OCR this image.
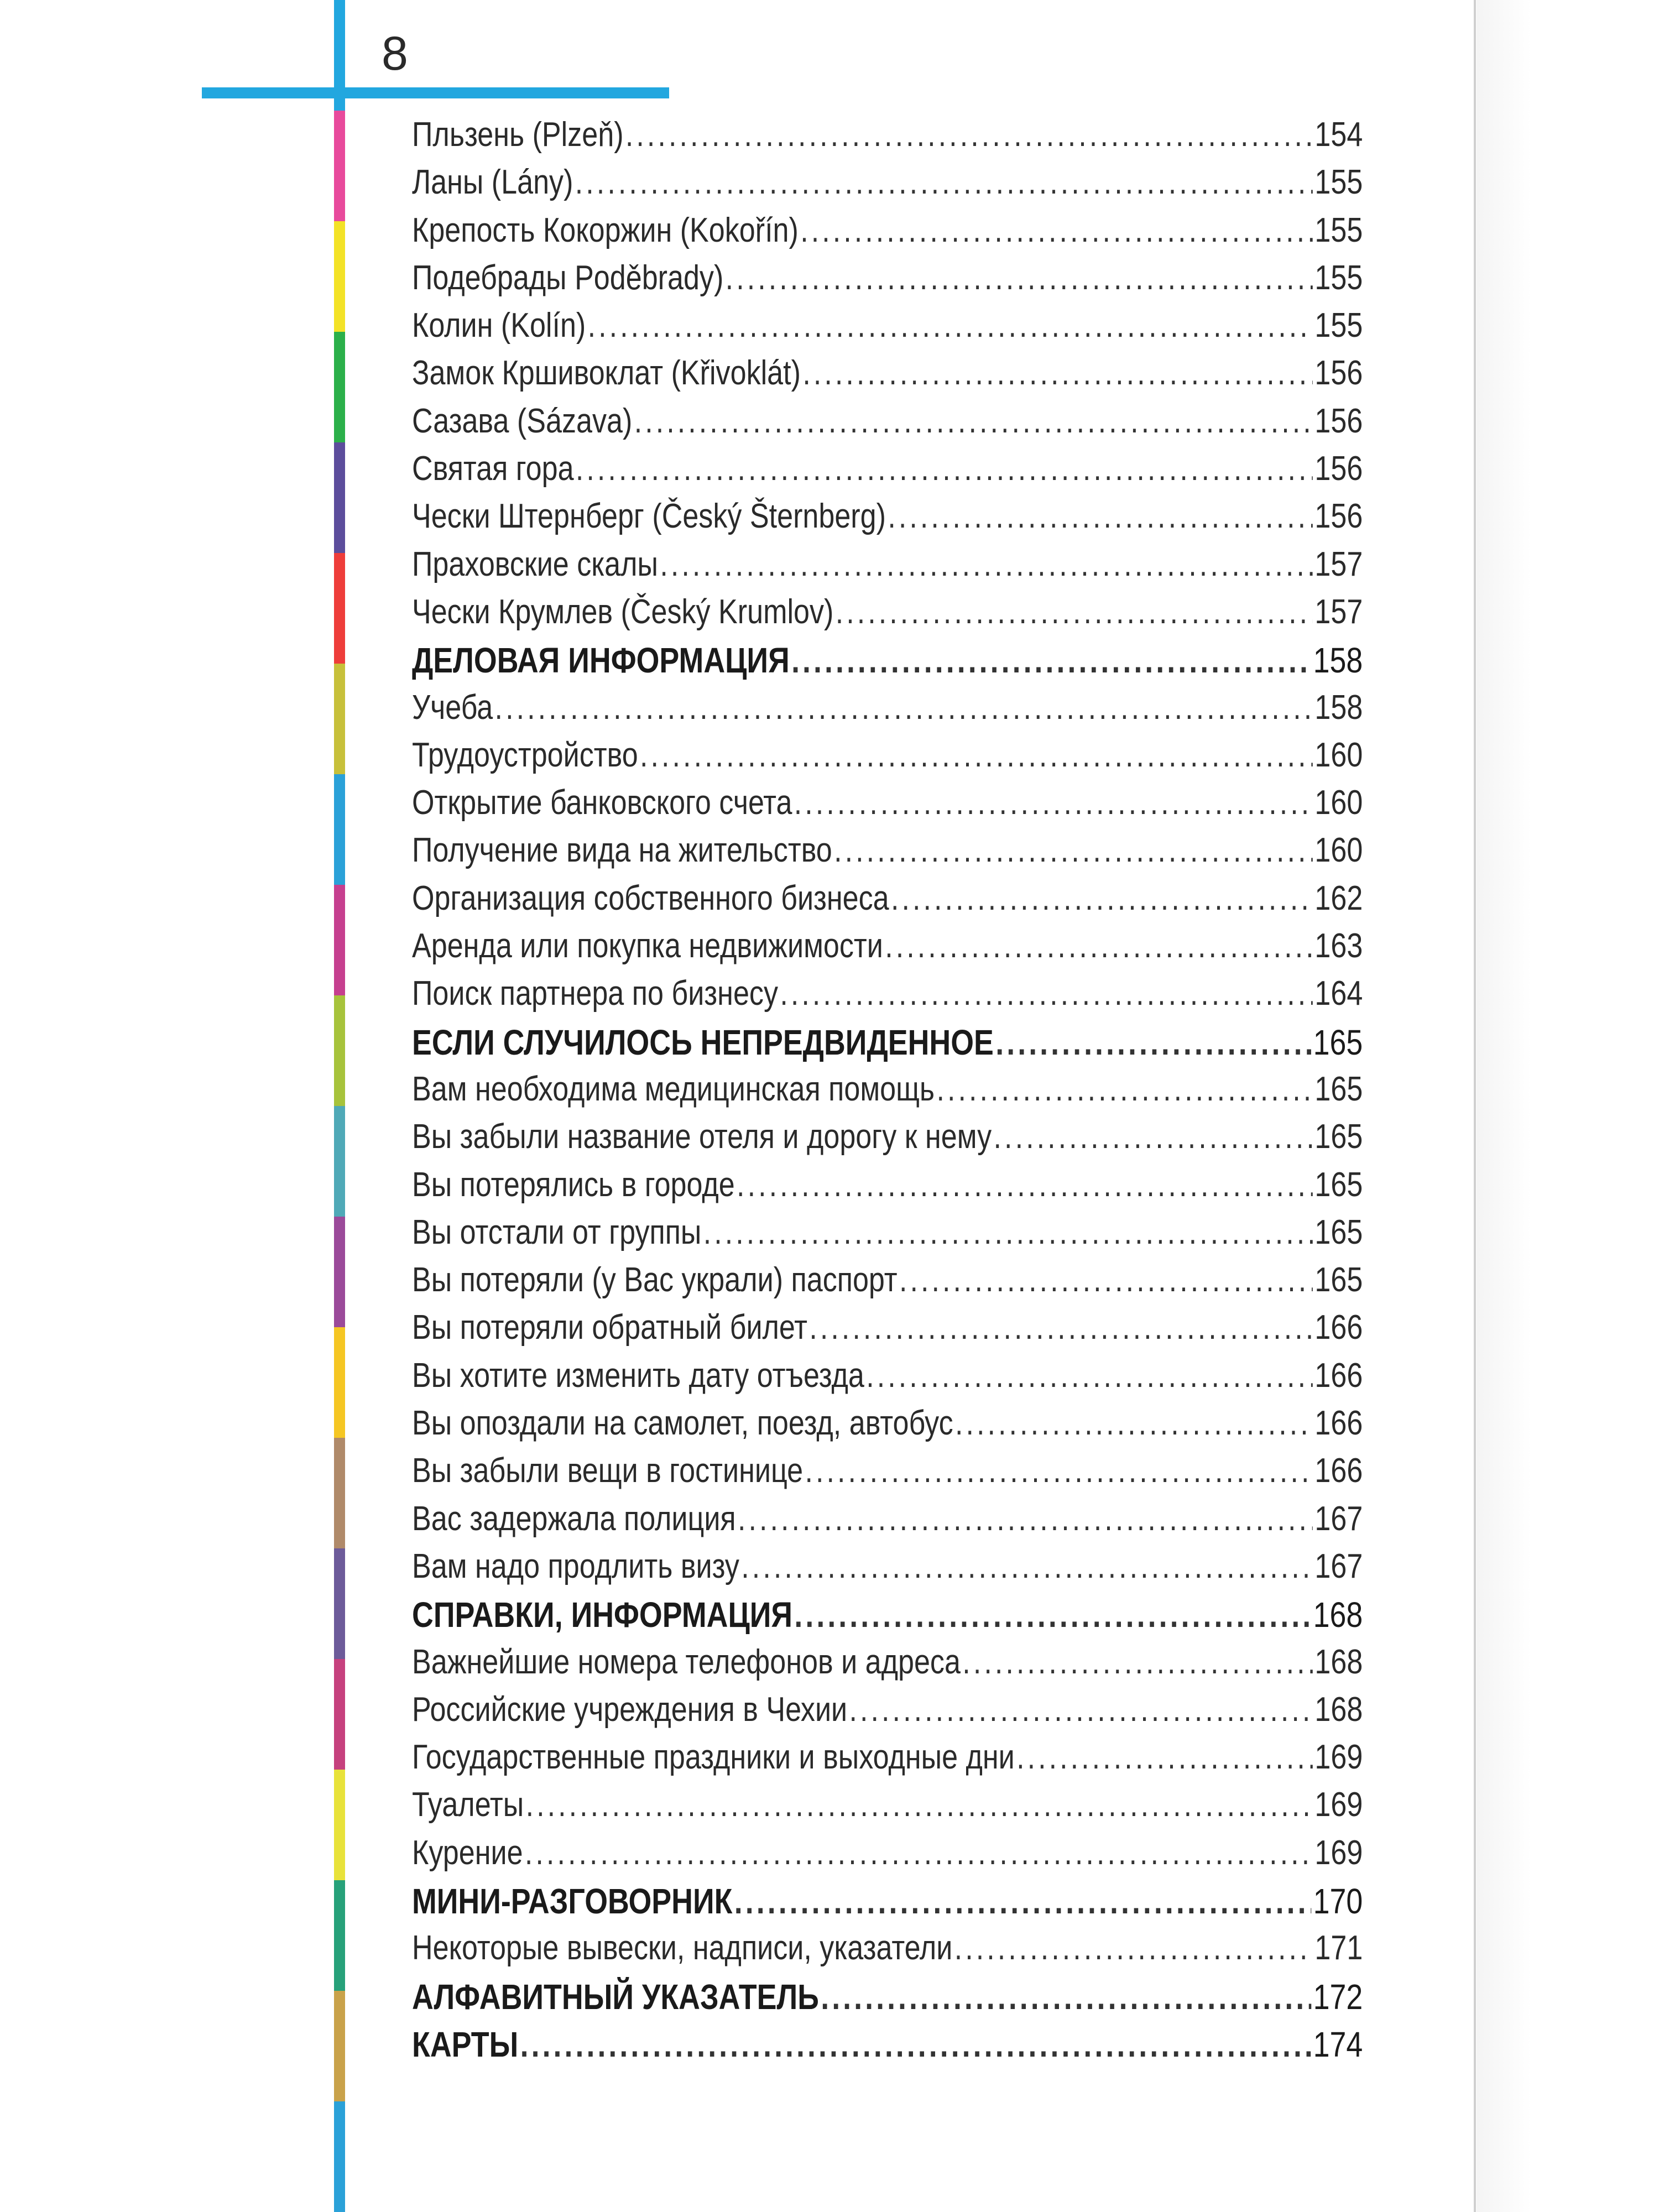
8
Пльзень (Plzeň) .....	154
Ланы (Lány) .....	155
Крепость Кокоржин (Kokořín) .....	155
Подебрады Poděbrady) .....	155
Колин (Kolín) .....	155
Замок Кршивоклат (Křivoklát) .....	156
Сазава (Sázava) .....	156
Святая гора .....	156
Чески Штернберг (Český Šternberg) .....	156
Праховские скалы .....	157
Чески Крумлев (Český Krumlov) .....	157
ДЕЛОВАЯ ИНФОРМАЦИЯ .....	158
Учеба .....	158
Трудоустройство .....	160
Открытие банковского счета .....	160
Получение вида на жительство .....	160
Организация собственного бизнеса .....	162
Аренда или покупка недвижимости .....	163
Поиск партнера по бизнесу .....	164
ЕСЛИ СЛУЧИЛОСЬ НЕПРЕДВИДЕННОЕ .....	165
Вам необходима медицинская помощь .....	165
Вы забыли название отеля и дорогу к нему .....	165
Вы потерялись в городе .....	165
Вы отстали от группы .....	165
Вы потеряли (у Вас украли) паспорт .....	165
Вы потеряли обратный билет .....	166
Вы хотите изменить дату отъезда .....	166
Вы опоздали на самолет, поезд, автобус .....	166
Вы забыли вещи в гостинице .....	166
Вас задержала полиция .....	167
Вам надо продлить визу .....	167
СПРАВКИ, ИНФОРМАЦИЯ .....	168
Важнейшие номера телефонов и адреса .....	168
Российские учреждения в Чехии .....	168
Государственные праздники и выходные дни .....	169
Туалеты .....	169
Курение .....	169
МИНИ-РАЗГОВОРНИК .....	170
Некоторые вывески, надписи, указатели .....	171
АЛФАВИТНЫЙ УКАЗАТЕЛЬ .....	172
КАРТЫ .....	174
